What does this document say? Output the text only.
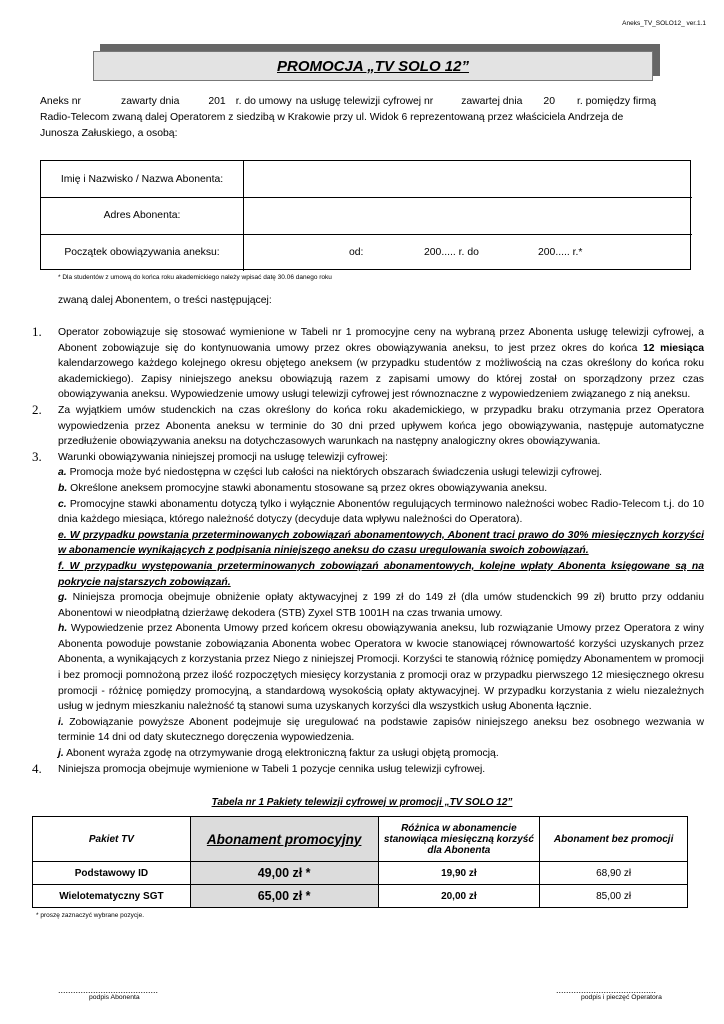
Aneks_TV_SOLO12_ ver.1.1
PROMOCJA „TV SOLO 12”
Aneks nr	zawarty dnia	201 r. do umowy na usługę telewizji cyfrowej nr	zawartej dnia 20 r. pomiędzy firmą
Radio-Telecom zwaną dalej Operatorem z siedzibą w Krakowie przy ul. Widok 6 reprezentowaną przez właściciela Andrzeja de
Junosza Załuskiego, a osobą:
Imię i Nazwisko / Nazwa Abonenta:
Adres Abonenta:
Początek obowiązywania aneksu:	od:	200..... r. do	200..... r.*
* Dla studentów z umową do końca roku akademickiego należy wpisać datę 30.06 danego roku
zwaną dalej Abonentem, o treści następującej:
1. Operator zobowiązuje się stosować wymienione w Tabeli nr 1 promocyjne ceny na wybraną przez Abonenta usługę telewizji cyfrowej, a Abonent zobowiązuje się do kontynuowania umowy przez okres obowiązywania aneksu, to jest przez okres do końca 12 miesiąca kalendarzowego każdego kolejnego okresu objętego aneksem (w przypadku studentów z możliwością na czas określony do końca roku akademickiego). Zapisy niniejszego aneksu obowiązują razem z zapisami umowy do której został on sporządzony przez czas obowiązywania aneksu. Wypowiedzenie umowy usługi telewizji cyfrowej jest równoznaczne z wypowiedzeniem związanego z nią aneksu.
2. Za wyjątkiem umów studenckich na czas określony do końca roku akademickiego, w przypadku braku otrzymania przez Operatora wypowiedzenia przez Abonenta aneksu w terminie do 30 dni przed upływem końca jego obowiązywania, następuje automatyczne przedłużenie obowiązywania aneksu na dotychczasowych warunkach na następny analogiczny okres obowiązywania.
3. Warunki obowiązywania niniejszej promocji na usługę telewizji cyfrowej:
a. Promocja może być niedostępna w części lub całości na niektórych obszarach świadczenia usługi telewizji cyfrowej.
b. Określone aneksem promocyjne stawki abonamentu stosowane są przez okres obowiązywania aneksu.
c. Promocyjne stawki abonamentu dotyczą tylko i wyłącznie Abonentów regulujących terminowo należności wobec Radio-Telecom t.j. do 10 dnia każdego miesiąca, którego należność dotyczy (decyduje data wpływu należności do Operatora).
e. W przypadku powstania przeterminowanych zobowiązań abonamentowych, Abonent traci prawo do 30% miesięcznych korzyści w abonamencie wynikających z podpisania niniejszego aneksu do czasu uregulowania swoich zobowiązań.
f. W przypadku występowania przeterminowanych zobowiązań abonamentowych, kolejne wpłaty Abonenta księgowane są na pokrycie najstarszych zobowiązań.
g. Niniejsza promocja obejmuje obniżenie opłaty aktywacyjnej z 199 zł do 149 zł (dla umów studenckich 99 zł) brutto przy oddaniu Abonentowi w nieodpłatną dzierżawę dekodera (STB) Zyxel STB 1001H na czas trwania umowy.
h. Wypowiedzenie przez Abonenta Umowy przed końcem okresu obowiązywania aneksu, lub rozwiązanie Umowy przez Operatora z winy Abonenta powoduje powstanie zobowiązania Abonenta wobec Operatora w kwocie stanowiącej równowartość korzyści uzyskanych przez Abonenta, a wynikających z korzystania przez Niego z niniejszej Promocji. Korzyści te stanowią różnicę pomiędzy Abonamentem w promocji i bez promocji pomnożoną przez ilość rozpoczętych miesięcy korzystania z promocji oraz w przypadku pierwszego 12 miesięcznego okresu promocji - różnicę pomiędzy promocyjną, a standardową wysokością opłaty aktywacyjnej. W przypadku korzystania z wielu niezależnych usług w jednym mieszkaniu należność tą stanowi suma uzyskanych korzyści dla wszystkich usług Abonenta łącznie.
i. Zobowiązanie powyższe Abonent podejmuje się uregulować na podstawie zapisów niniejszego aneksu bez osobnego wezwania w terminie 14 dni od daty skutecznego doręczenia wypowiedzenia.
j. Abonent wyraża zgodę na otrzymywanie drogą elektroniczną faktur za usługi objętą promocją.
4. Niniejsza promocja obejmuje wymienione w Tabeli 1 pozycje cennika usług telewizji cyfrowej.
Tabela nr 1 Pakiety telewizji cyfrowej w promocji „TV SOLO 12”
Pakiet TV	Abonament promocyjny	Różnica w abonamencie stanowiąca miesięczną korzyść dla Abonenta	Abonament bez promocji
Podstawowy ID	49,00 zł *	19,90 zł	68,90 zł
Wielotematyczny SGT	65,00 zł *	20,00 zł	85,00 zł
* proszę zaznaczyć wybrane pozycje.
........................................
podpis Abonenta
........................................
podpis i pieczęć Operatora
